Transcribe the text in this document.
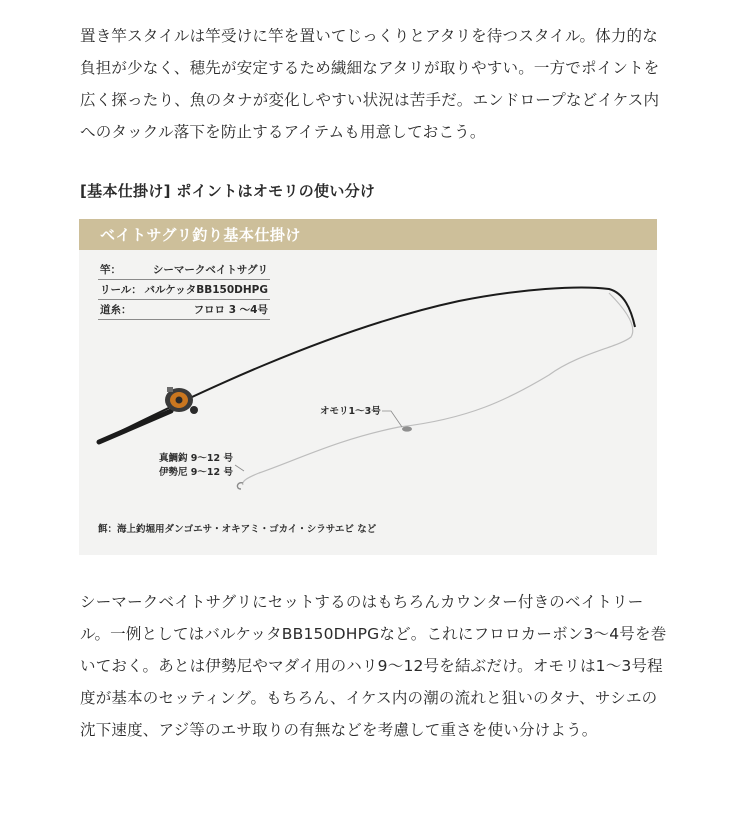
置き竿スタイルは竿受けに竿を置いてじっくりとアタリを待つスタイル。体力的な負担が少なく、穂先が安定するため繊細なアタリが取りやすい。一方でポイントを広く探ったり、魚のタナが変化しやすい状況は苦手だ。エンドロープなどイケス内へのタックル落下を防止するアイテムも用意しておこう。

[基本仕掛け] ポイントはオモリの使い分け
ベイトサグリ釣り基本仕掛け
竿：	シーマークベイトサグリ
リール： バルケッタBB150DHPG
道糸：	フロロ 3 ～4号
オモリ1～3号
真鯛鈎 9～12 号
伊勢尼 9～12 号
餌：海上釣堀用ダンゴエサ・オキアミ・ゴカイ・シラサエビ など

シーマークベイトサグリにセットするのはもちろんカウンター付きのベイトリール。一例としてはバルケッタBB150DHPGなど。これにフロロカーボン3～4号を巻いておく。あとは伊勢尼やマダイ用のハリ9～12号を結ぶだけ。オモリは1～3号程度が基本のセッティング。もちろん、イケス内の潮の流れと狙いのタナ、サシエの沈下速度、アジ等のエサ取りの有無などを考慮して重さを使い分けよう。
